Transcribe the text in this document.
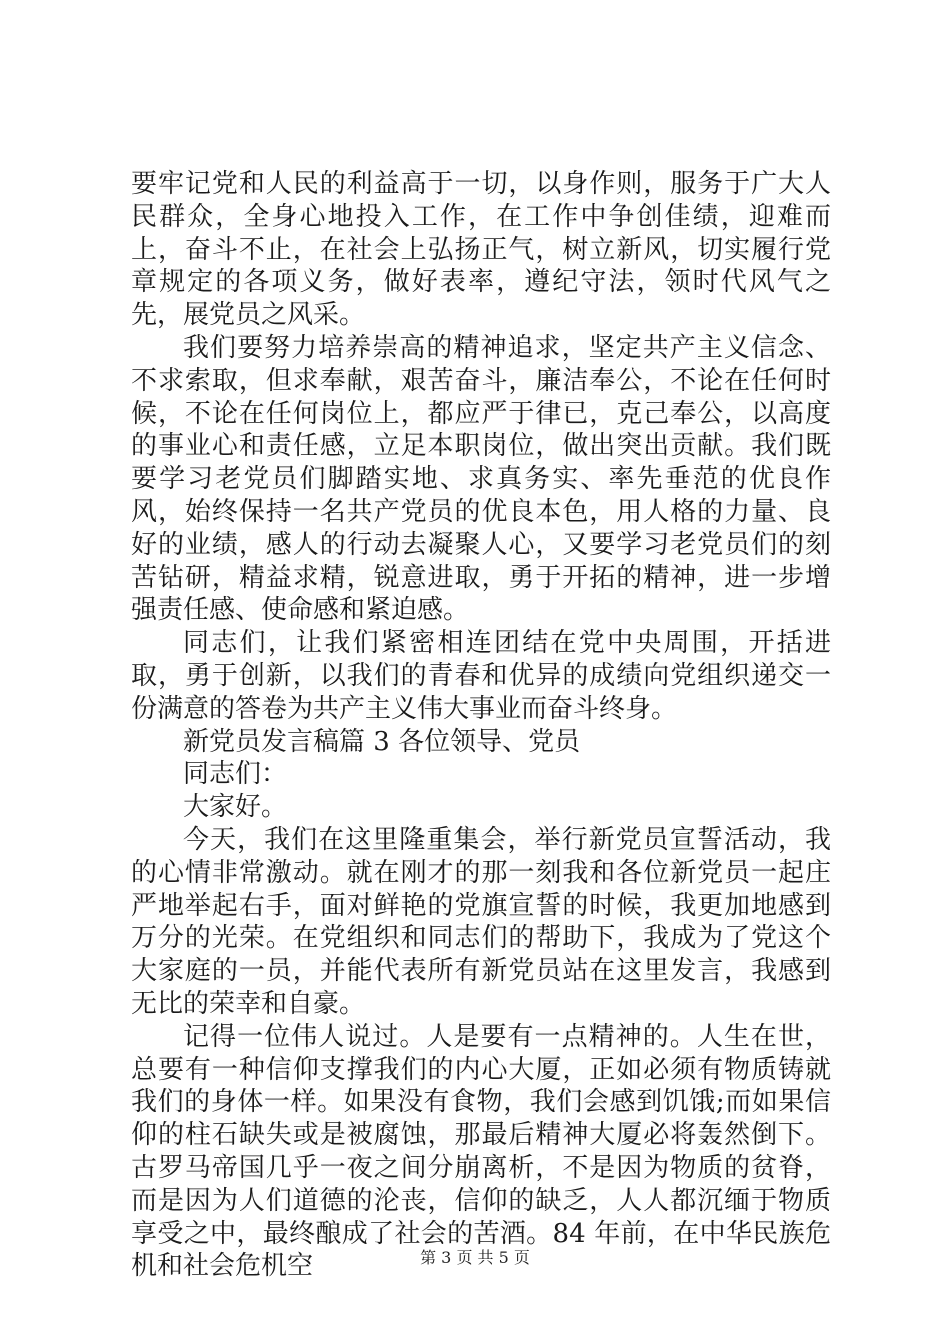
要牢记党和人民的利益高于一切，以身作则，服务于广大人民群众，全身心地投入工作，在工作中争创佳绩，迎难而上，奋斗不止，在社会上弘扬正气，树立新风，切实履行党章规定的各项义务，做好表率，遵纪守法，领时代风气之先，展党员之风采。

我们要努力培养崇高的精神追求，坚定共产主义信念、不求索取，但求奉献，艰苦奋斗，廉洁奉公，不论在任何时候，不论在任何岗位上，都应严于律已，克己奉公，以高度的事业心和责任感，立足本职岗位，做出突出贡献。我们既要学习老党员们脚踏实地、求真务实、率先垂范的优良作风，始终保持一名共产党员的优良本色，用人格的力量、良好的业绩，感人的行动去凝聚人心，又要学习老党员们的刻苦钻研，精益求精，锐意进取，勇于开拓的精神，进一步增强责任感、使命感和紧迫感。

同志们，让我们紧密相连团结在党中央周围，开括进取，勇于创新，以我们的青春和优异的成绩向党组织递交一份满意的答卷为共产主义伟大事业而奋斗终身。

新党员发言稿篇 3 各位领导、党员

同志们：

大家好。

今天，我们在这里隆重集会，举行新党员宣誓活动，我的心情非常激动。就在刚才的那一刻我和各位新党员一起庄严地举起右手，面对鲜艳的党旗宣誓的时候，我更加地感到万分的光荣。在党组织和同志们的帮助下，我成为了党这个大家庭的一员，并能代表所有新党员站在这里发言，我感到无比的荣幸和自豪。

记得一位伟人说过。人是要有一点精神的。人生在世，总要有一种信仰支撑我们的内心大厦，正如必须有物质铸就我们的身体一样。如果没有食物，我们会感到饥饿;而如果信仰的柱石缺失或是被腐蚀，那最后精神大厦必将轰然倒下。古罗马帝国几乎一夜之间分崩离析，不是因为物质的贫脊，而是因为人们道德的沦丧，信仰的缺乏，人人都沉缅于物质享受之中，最终酿成了社会的苦酒。84 年前，在中华民族危机和社会危机空	第 3 页 共 5 页
